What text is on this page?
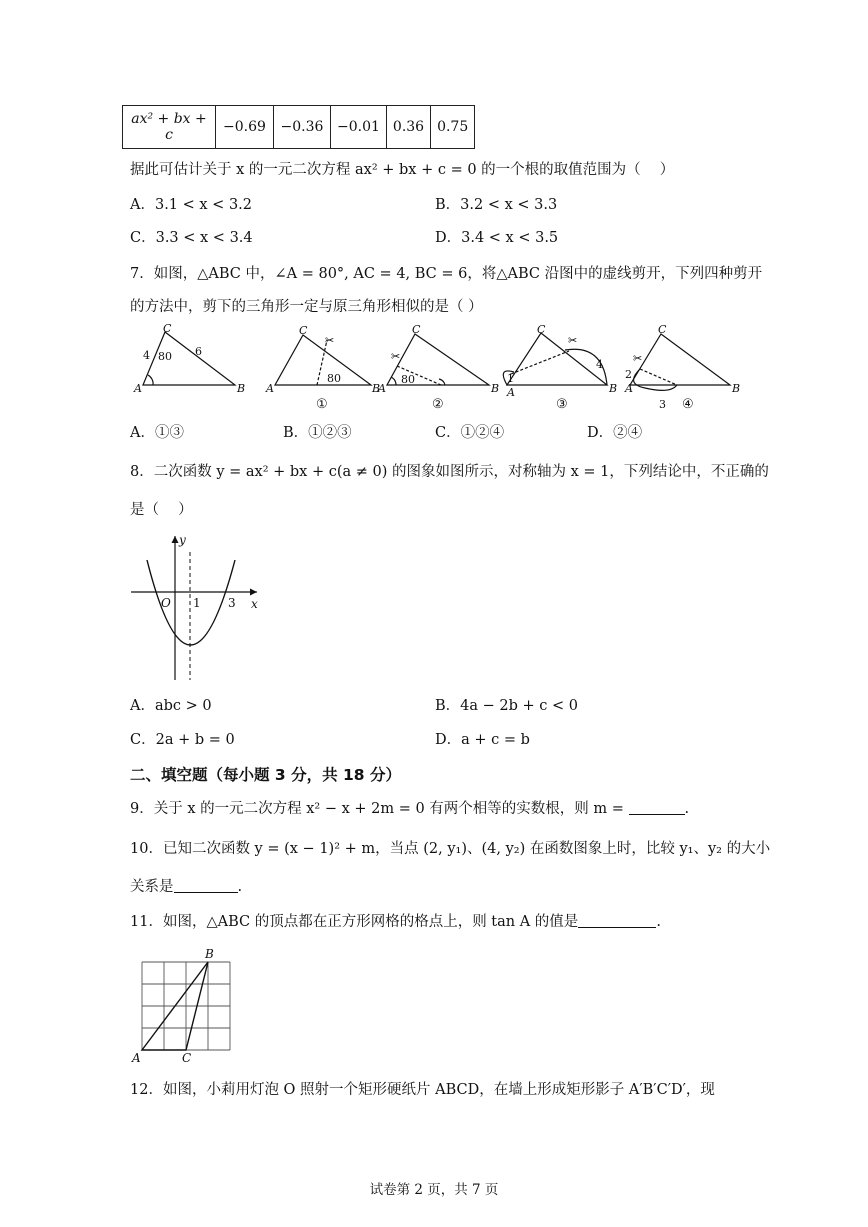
ax² + bx + c	−0.69	−0.36	−0.01	0.36	0.75
据此可估计关于 x 的一元二次方程 ax² + bx + c = 0 的一个根的取值范围为（　 ）
A．3.1 < x < 3.2	B．3.2 < x < 3.3
C．3.3 < x < 3.4	D．3.4 < x < 3.5
7．如图，△ABC 中，∠A = 80°, AC = 4, BC = 6，将△ABC 沿图中的虚线剪开，下列四种剪开
的方法中，剪下的三角形一定与原三角形相似的是（ ）
✂
✂
✂
✂
A	B
C
A	B
C
A	B
C
A	B
C
A	B
C
80
4	6
80	80	1
4
2
3
①	②	③	④
A．①③	B．①②③	C．①②④	D．②④
8．二次函数 y = ax² + bx + c(a ≠ 0) 的图象如图所示，对称轴为 x = 1，下列结论中，不正确的
是（　 ）
y
x
O 1 3
A．abc > 0	B．4a − 2b + c < 0
C．2a + b = 0	D．a + c = b
二、填空题（每小题 3 分，共 18 分）
9．关于 x 的一元二次方程 x² − x + 2m = 0 有两个相等的实数根，则 m =	.
10．已知二次函数 y = (x − 1)² + m，当点 (2, y₁)、(4, y₂) 在函数图象上时，比较 y₁、y₂ 的大小
关系是	.
11．如图，△ABC 的顶点都在正方形网格的格点上，则 tan A 的值是	.
A
B
C
12．如图，小莉用灯泡 O 照射一个矩形硬纸片 ABCD，在墙上形成矩形影子 A′B′C′D′，现
试卷第 2 页，共 7 页
